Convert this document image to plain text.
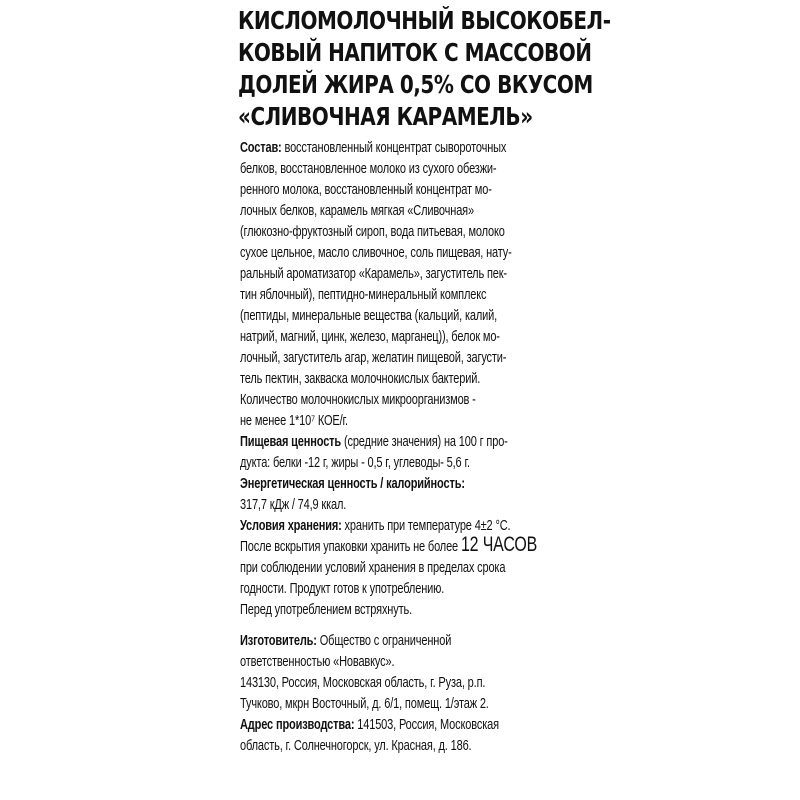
КИСЛОМОЛОЧНЫЙ ВЫСОКОБЕЛ-
КОВЫЙ НАПИТОК С МАССОВОЙ
ДОЛЕЙ ЖИРА 0,5% СО ВКУСОМ
«СЛИВОЧНАЯ КАРАМЕЛЬ»
Состав: восстановленный концентрат сывороточных
белков, восстановленное молоко из сухого обезжи-
ренного молока, восстановленный концентрат мо-
лочных белков, карамель мягкая «Сливочная»
(глюкозно-фруктозный сироп, вода питьевая, молоко
сухое цельное, масло сливочное, соль пищевая, нату-
ральный ароматизатор «Карамель», загуститель пек-
тин яблочный), пептидно-минеральный комплекс
(пептиды, минеральные вещества (кальций, калий,
натрий, магний, цинк, железо, марганец)), белок мо-
лочный, загуститель агар, желатин пищевой, загусти-
тель пектин, закваска молочнокислых бактерий.
Количество молочнокислых микроорганизмов -
не менее 1*10⁷ КОЕ/г.
Пищевая ценность (средние значения) на 100 г про-
дукта: белки -12 г, жиры - 0,5 г, углеводы- 5,6 г.
Энергетическая ценность / калорийность:
317,7 кДж / 74,9 ккал.
Условия хранения: хранить при температуре 4±2 °С.
После вскрытия упаковки хранить не более 12 ЧАСОВ
при соблюдении условий хранения в пределах срока
годности. Продукт готов к употреблению.
Перед употреблением встряхнуть.
Изготовитель: Общество с ограниченной
ответственностью «Новавкус».
143130, Россия, Московская область, г. Руза, р.п.
Тучково, мкрн Восточный, д. 6/1, помещ. 1/этаж 2.
Адрес производства: 141503, Россия, Московская
область, г. Солнечногорск, ул. Красная, д. 186.
